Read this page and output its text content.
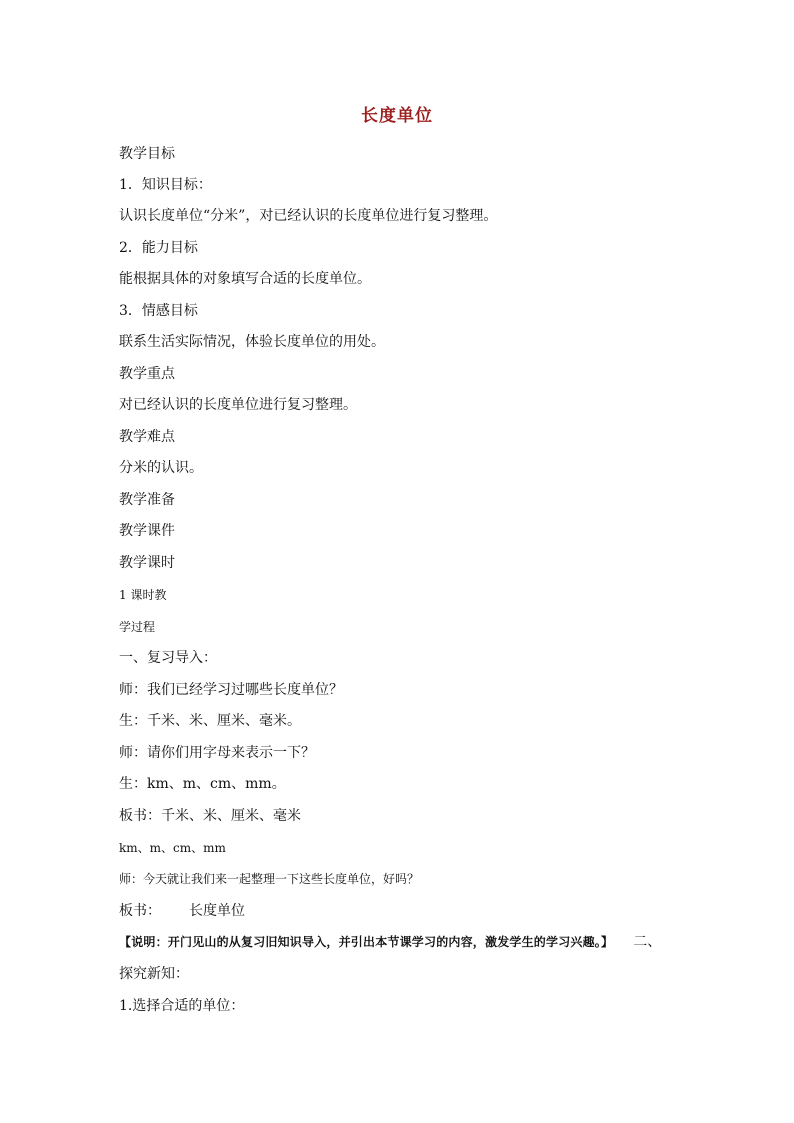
长度单位
教学目标
1．知识目标：
认识长度单位“分米”，对已经认识的长度单位进行复习整理。
2．能力目标
能根据具体的对象填写合适的长度单位。
3．情感目标
联系生活实际情况，体验长度单位的用处。
教学重点
对已经认识的长度单位进行复习整理。
教学难点
分米的认识。
教学准备
教学课件
教学课时
1 课时教
学过程
一、复习导入：
师：我们已经学习过哪些长度单位？
生：千米、米、厘米、毫米。
师：请你们用字母来表示一下？
生：km、m、cm、mm。
板书：千米、米、厘米、毫米
km、m、cm、mm
师：今天就让我们来一起整理一下这些长度单位，好吗？
板书： 长度单位
【说明：开门见山的从复习旧知识导入，并引出本节课学习的内容，激发学生的学习兴趣。】 二、
探究新知：
1.选择合适的单位：
